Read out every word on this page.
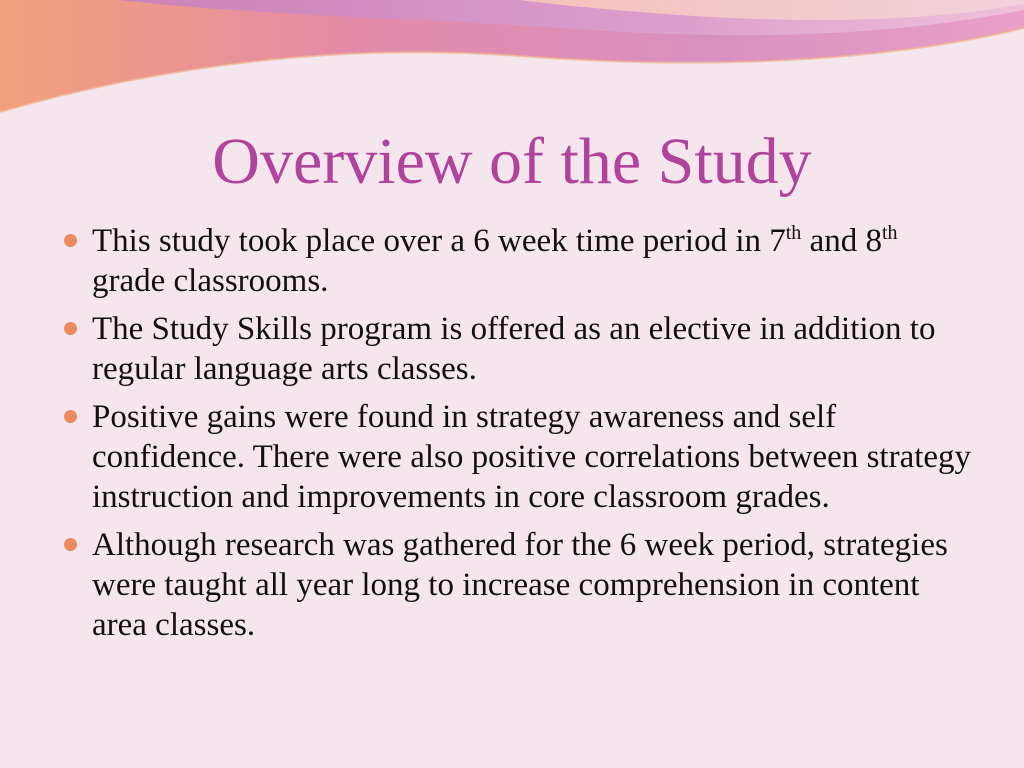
Overview of the Study
This study took place over a 6 week time period in 7th and 8th grade classrooms.
The Study Skills program is offered as an elective in addition to regular language arts classes.
Positive gains were found in strategy awareness and self confidence. There were also positive correlations between strategy instruction and improvements in core classroom grades.
Although research was gathered for the 6 week period, strategies were taught all year long to increase comprehension in content area classes.
